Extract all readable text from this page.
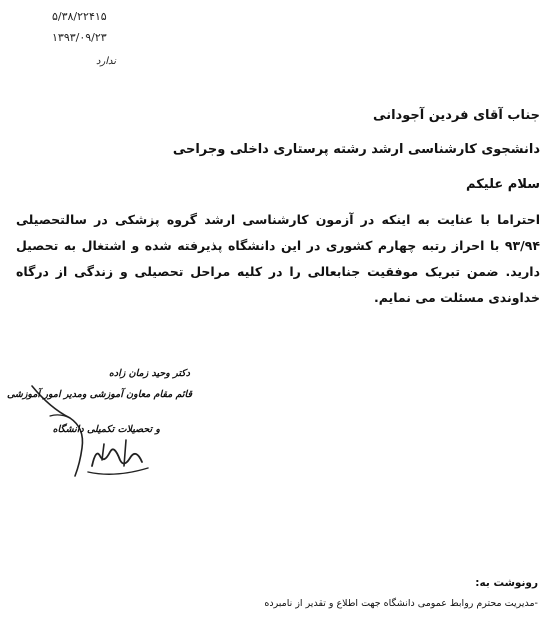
۵/۳۸/۲۲۴۱۵
۱۳۹۳/۰۹/۲۳
ندارد
جناب آقای فردین آجودانی
دانشجوی کارشناسی ارشد رشته پرستاری داخلی وجراحی
سلام علیکم
احتراما با عنایت به اینکه در آزمون کارشناسی ارشد گروه پزشکی در سالتحصیلی ۹۳/۹۴ با احراز رتبه چهارم کشوری در این دانشگاه پذیرفته شده و اشتغال به تحصیل دارید. ضمن تبریک موفقیت جنابعالی را در کلیه مراحل تحصیلی و زندگی از درگاه خداوندی مسئلت می نمایم.
دکتر وحید زمان زاده
قائم مقام معاون آموزشی ومدیر امور آموزشی
و تحصیلات تکمیلی دانشگاه
رونوشت به:
-مدیریت محترم روابط عمومی دانشگاه جهت اطلاع و تقدیر از نامبرده
